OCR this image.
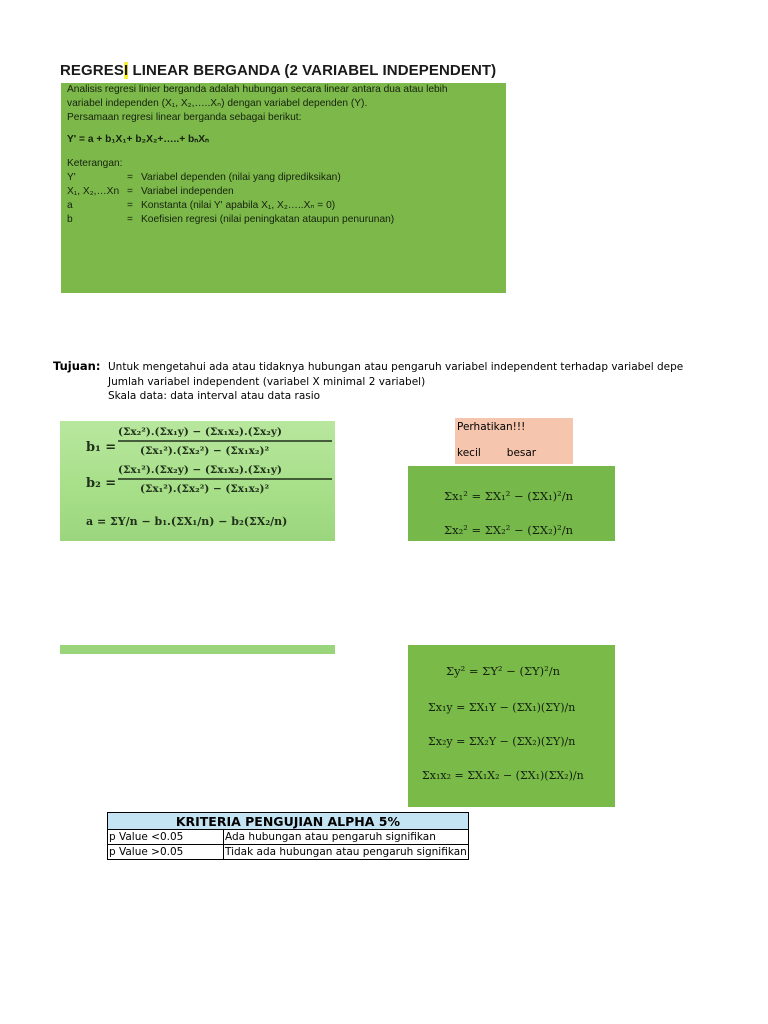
REGRESI LINEAR BERGANDA (2 VARIABEL INDEPENDENT)
Analisis regresi linier berganda adalah hubungan secara linear antara dua atau lebih
variabel independen (X₁, X₂,…..Xₙ) dengan variabel dependen (Y).
Persamaan regresi linear berganda sebagai berikut:
Y' = a + b₁X₁+ b₂X₂+…..+ bₙXₙ
Keterangan:
Y'	= Variabel dependen (nilai yang diprediksikan)
X₁, X₂,…Xn = Variabel independen
a	= Konstanta (nilai Y' apabila X₁, X₂…..Xₙ = 0)
b	= Koefisien regresi (nilai peningkatan ataupun penurunan)
Tujuan: Untuk mengetahui ada atau tidaknya hubungan atau pengaruh variabel independent terhadap variabel depe
Jumlah variabel independent (variabel X minimal 2 variabel)
Skala data: data interval atau data rasio
b₁ =
(Σx₂²).(Σx₁y) − (Σx₁x₂).(Σx₂y)
(Σx₁²).(Σx₂²) − (Σx₁x₂)²
b₂ =
(Σx₁²).(Σx₂y) − (Σx₁x₂).(Σx₁y)
(Σx₁²).(Σx₂²) − (Σx₁x₂)²
a = ΣY/n − b₁.(ΣX₁/n) − b₂(ΣX₂/n)
Perhatikan!!!
kecil besar
Σx₁² = ΣX₁² − (ΣX₁)²/n
Σx₂² = ΣX₂² − (ΣX₂)²/n
Σy² = ΣY² − (ΣY)²/n
Σx₁y = ΣX₁Y − (ΣX₁)(ΣY)/n
Σx₂y = ΣX₂Y − (ΣX₂)(ΣY)/n
Σx₁x₂ = ΣX₁X₂ − (ΣX₁)(ΣX₂)/n
KRITERIA PENGUJIAN ALPHA 5%	
p Value <0.05	Ada hubungan atau pengaruh signifikan
p Value >0.05	Tidak ada hubungan atau pengaruh signifikan
